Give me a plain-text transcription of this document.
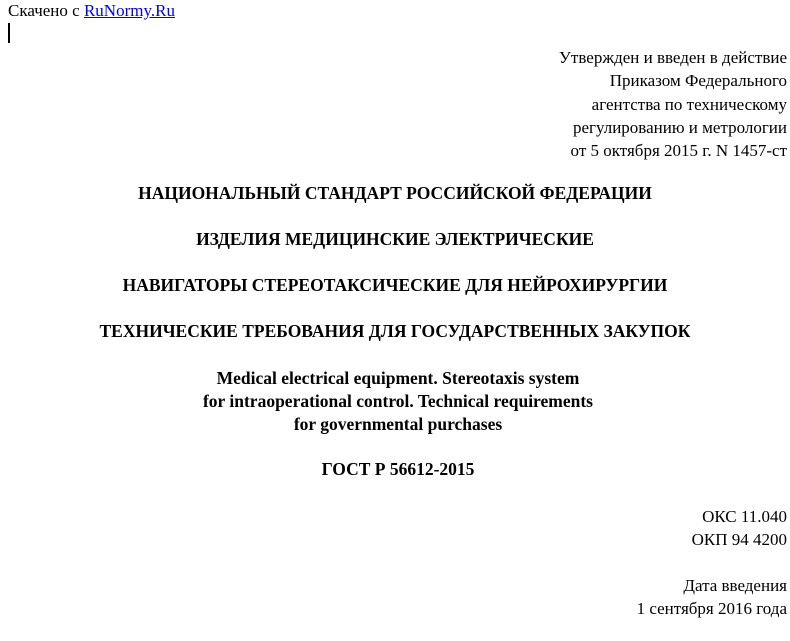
Скачено с RuNormy.Ru
Утвержден и введен в действие
Приказом Федерального
агентства по техническому
регулированию и метрологии
от 5 октября 2015 г. N 1457-ст
НАЦИОНАЛЬНЫЙ СТАНДАРТ РОССИЙСКОЙ ФЕДЕРАЦИИ
ИЗДЕЛИЯ МЕДИЦИНСКИЕ ЭЛЕКТРИЧЕСКИЕ
НАВИГАТОРЫ СТЕРЕОТАКСИЧЕСКИЕ ДЛЯ НЕЙРОХИРУРГИИ
ТЕХНИЧЕСКИЕ ТРЕБОВАНИЯ ДЛЯ ГОСУДАРСТВЕННЫХ ЗАКУПОК
Medical electrical equipment. Stereotaxis system
for intraoperational control. Technical requirements
for governmental purchases
ГОСТ Р 56612-2015
ОКС 11.040
ОКП 94 4200
Дата введения
1 сентября 2016 года
